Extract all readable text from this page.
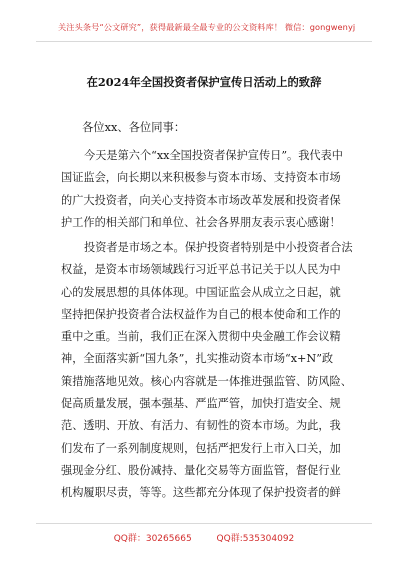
关注头条号“公文研究”，获得最新最全最专业的公文资料库！ 微信：gongwenyj
在2024年全国投资者保护宣传日活动上的致辞
各位xx、各位同事：
今天是第六个“xx全国投资者保护宣传日”。我代表中
国证监会，向长期以来积极参与资本市场、支持资本市场
的广大投资者，向关心支持资本市场改革发展和投资者保
护工作的相关部门和单位、社会各界朋友表示衷心感谢！
投资者是市场之本。保护投资者特别是中小投资者合法
权益，是资本市场领域践行习近平总书记关于以人民为中
心的发展思想的具体体现。中国证监会从成立之日起，就
坚持把保护投资者合法权益作为自己的根本使命和工作的
重中之重。当前，我们正在深入贯彻中央金融工作会议精
神，全面落实新“国九条”，扎实推动资本市场“x+N”政
策措施落地见效。核心内容就是一体推进强监管、防风险、
促高质量发展，强本强基、严监严管，加快打造安全、规
范、透明、开放、有活力、有韧性的资本市场。为此，我
们发布了一系列制度规则，包括严把发行上市入口关，加
强现金分红、股份减持、量化交易等方面监管，督促行业
机构履职尽责，等等。这些都充分体现了保护投资者的鲜
QQ群：30265665	QQ群:535304092
